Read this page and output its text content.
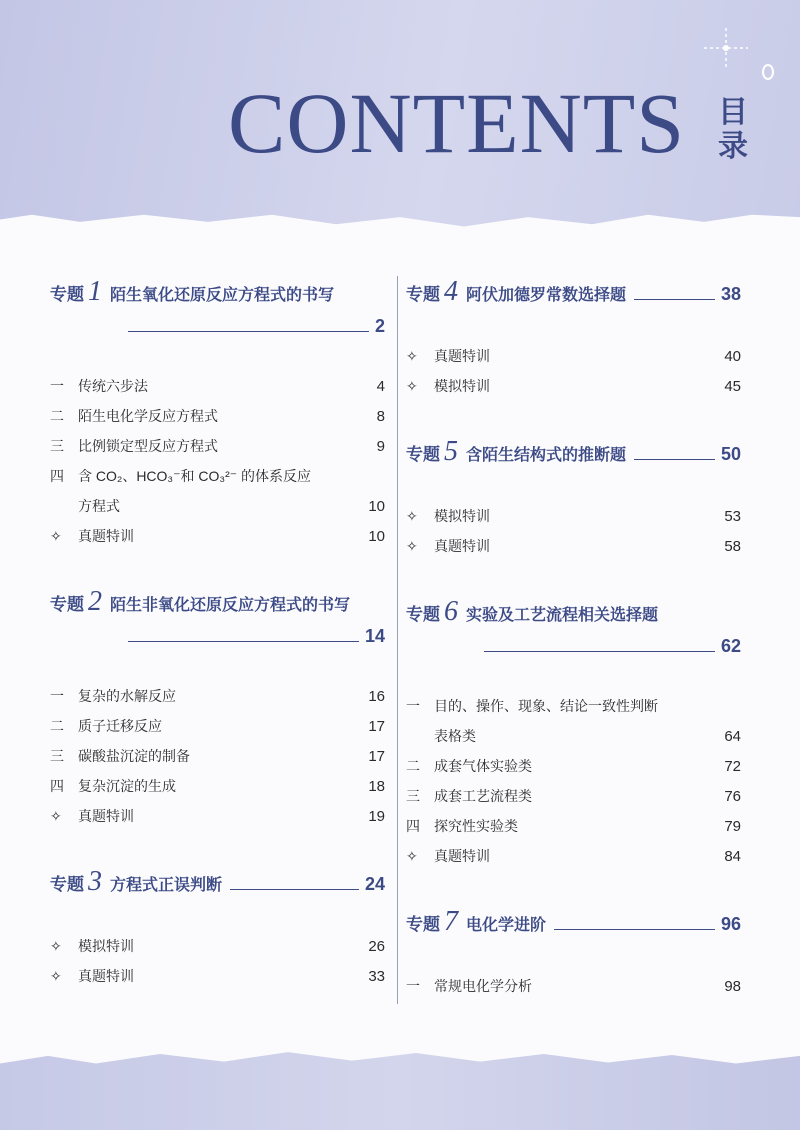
CONTENTS 目录
专题 1 陌生氧化还原反应方程式的书写
2
一	传统六步法	4
二	陌生电化学反应方程式	8
三	比例锁定型反应方程式	9
四	含 CO₂、HCO₃⁻和 CO₃²⁻ 的体系反应
方程式	10
✧	真题特训	10
专题 2 陌生非氧化还原反应方程式的书写
14
一	复杂的水解反应	16
二	质子迁移反应	17
三	碳酸盐沉淀的制备	17
四	复杂沉淀的生成	18
✧	真题特训	19
专题 3 方程式正误判断	24
✧	模拟特训	26
✧	真题特训	33
专题 4 阿伏加德罗常数选择题	38
✧	真题特训	40
✧	模拟特训	45
专题 5 含陌生结构式的推断题	50
✧	模拟特训	53
✧	真题特训	58
专题 6 实验及工艺流程相关选择题
62
一	目的、操作、现象、结论一致性判断
表格类	64
二	成套气体实验类	72
三	成套工艺流程类	76
四	探究性实验类	79
✧	真题特训	84
专题 7 电化学进阶	96
一	常规电化学分析	98
